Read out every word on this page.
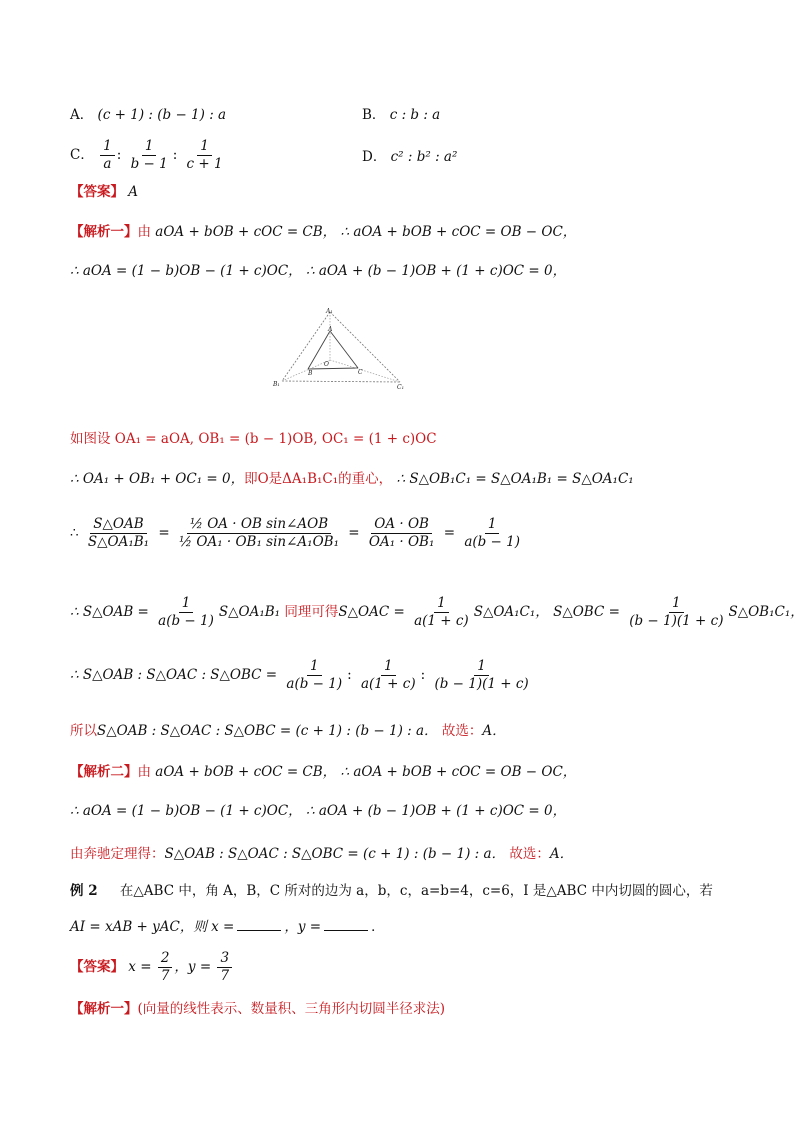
A． (c + 1) : (b − 1) : a	B． c : b : a
C． $\frac{1}{a}$ : $\frac{1}{b - 1}$ : $\frac{1}{c + 1}$	D． c² : b² : a²
【答案】 A
【解析一】由 aOA + bOB + cOC = CB， ∴ aOA + bOB + cOC = OB − OC，
∴ aOA = (1 − b)OB − (1 + c)OC， ∴ aOA + (b − 1)OB + (1 + c)OC = 0，
A₁
A
O
B	C
B₁	C₁
如图设 OA₁ = aOA, OB₁ = (b − 1)OB, OC₁ = (1 + c)OC
∴ OA₁ + OB₁ + OC₁ = 0，即O是ΔA₁B₁C₁的重心， ∴ S△OB₁C₁ = S△OA₁B₁ = S△OA₁C₁
∴ $\frac{\text{S△OAB}}{\text{S△OA₁B₁}} = \frac{\text{½ OA · OB sin∠AOB}}{\text{½ OA₁ · OB₁ sin∠A₁OB₁}} = \frac{OA \cdot OB}{\text{OA₁ · OB₁}} = \frac{1}{a(b - 1)}$
∴ S△OAB = $\frac{1}{a(b - 1)}$ S△OA₁B₁ 同理可得S△OAC = $\frac{1}{a(1 + c)}$ S△OA₁C₁， S△OBC = $\frac{1}{(b - 1)(1 + c)}$ S△OB₁C₁，
∴ S△OAB : S△OAC : S△OBC = $\frac{1}{a(b - 1)}$ : $\frac{1}{a(1 + c)}$ : $\frac{1}{(b - 1)(1 + c)}$
所以S△OAB : S△OAC : S△OBC = (c + 1) : (b − 1) : a． 故选：A．
【解析二】由 aOA + bOB + cOC = CB， ∴ aOA + bOB + cOC = OB − OC，
∴ aOA = (1 − b)OB − (1 + c)OC， ∴ aOA + (b − 1)OB + (1 + c)OC = 0，
由奔驰定理得：S△OAB : S△OAC : S△OBC = (c + 1) : (b − 1) : a． 故选：A．
例 2 在△ABC 中，角 A，B，C 所对的边为 a，b，c，a=b=4，c=6，I 是△ABC 中内切圆的圆心，若
AI = xAB + yAC，则 x =	，y =	．
【答案】 $x = \frac{2}{7}$ ，$y = \frac{3}{7}$
【解析一】(向量的线性表示、数量积、三角形内切圆半径求法)
